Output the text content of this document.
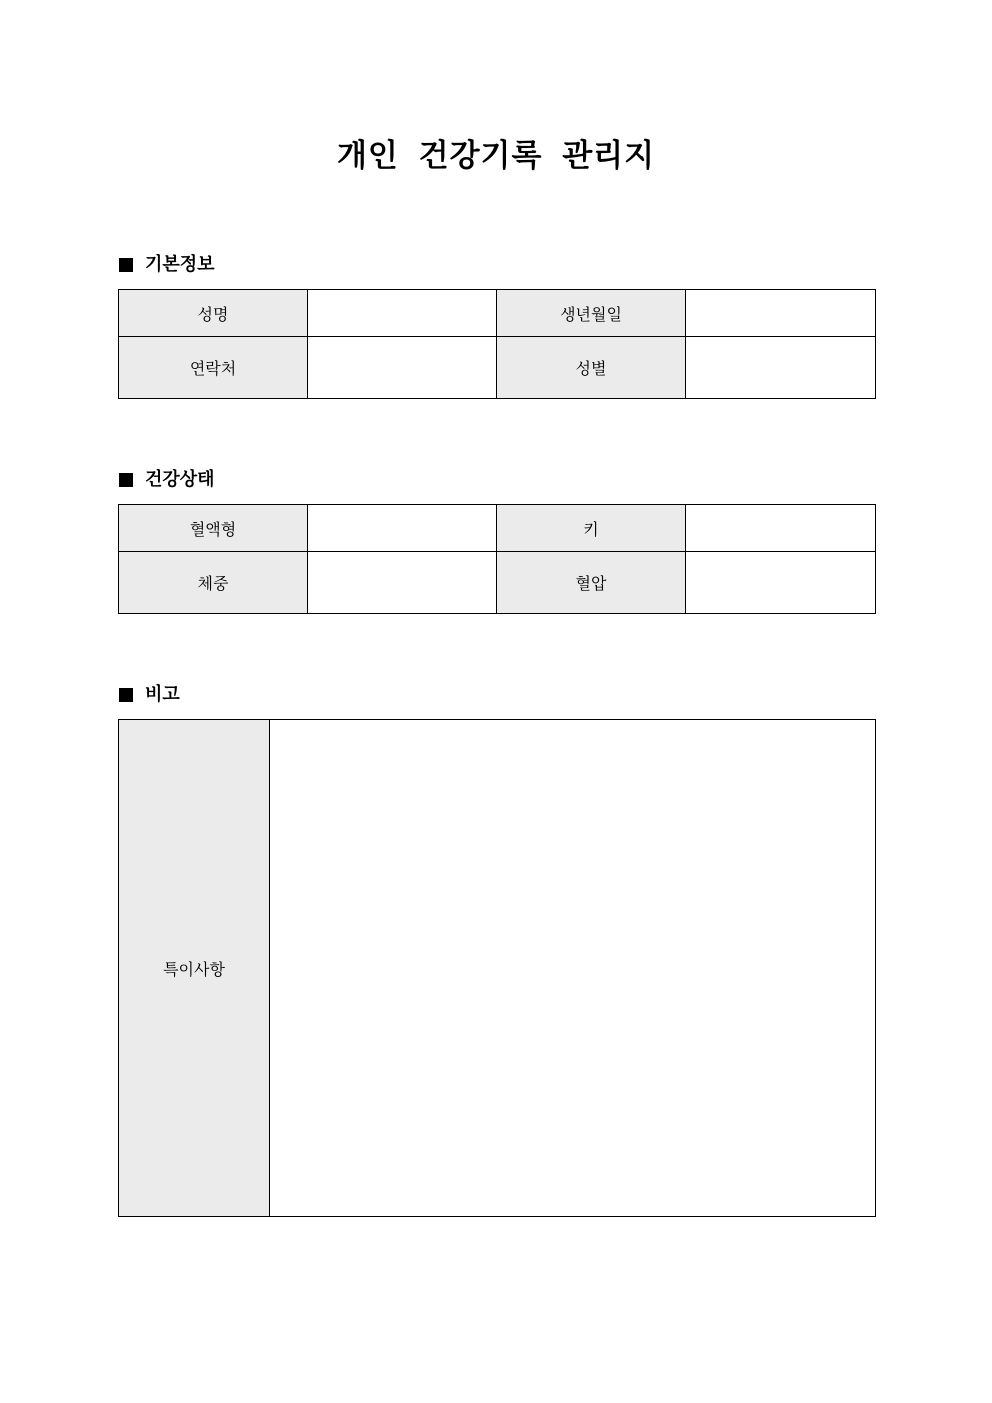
개인 건강기록 관리지
기본정보
성명		생년월일	
연락처		성별	
건강상태
혈액형		키	
체중		혈압	
비고
특이사항	
